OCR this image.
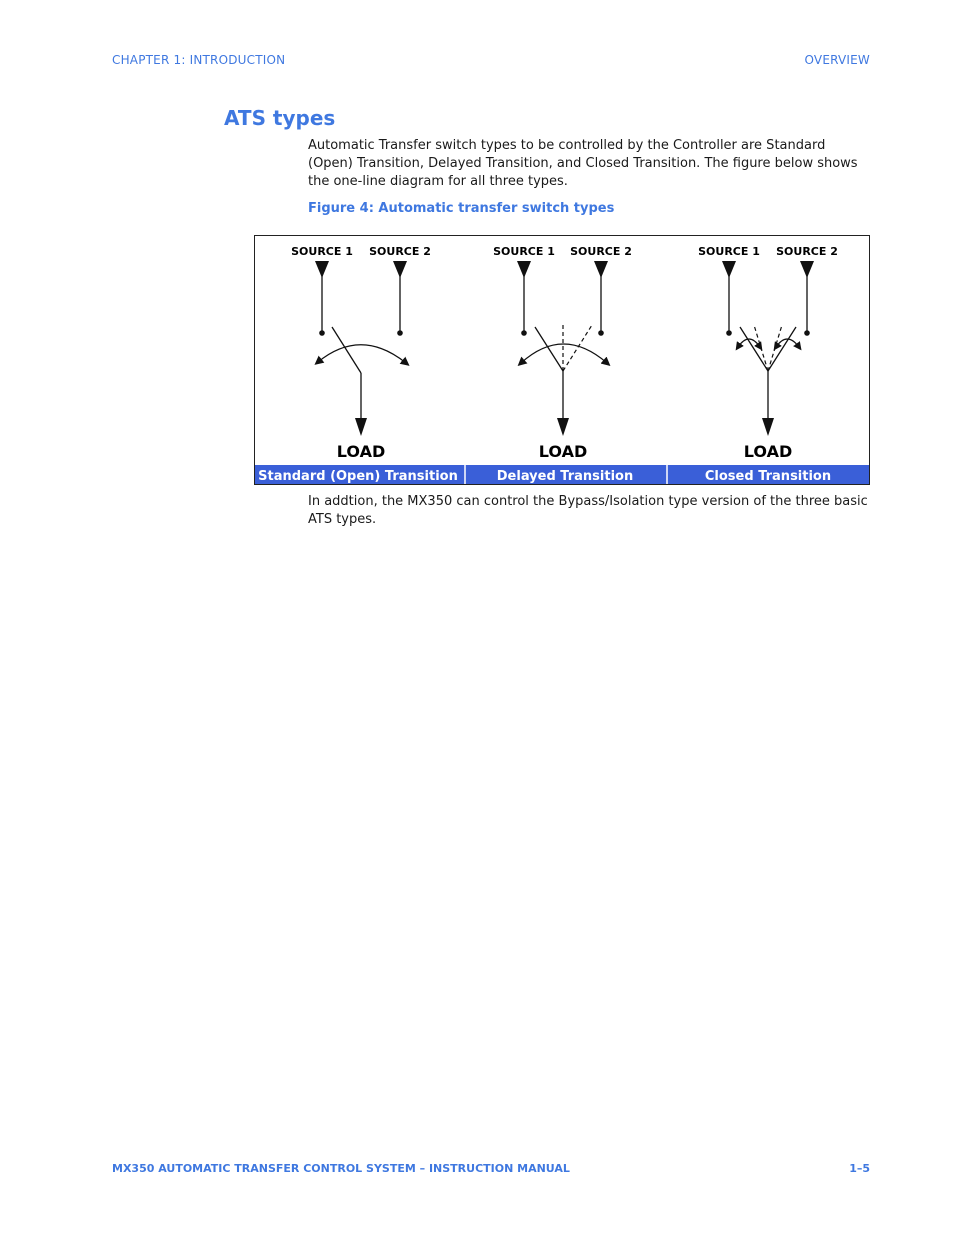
CHAPTER 1: INTRODUCTION	OVERVIEW
ATS types
Automatic Transfer switch types to be controlled by the Controller are Standard (Open) Transition, Delayed Transition, and Closed Transition. The figure below shows the one-line diagram for all three types.
Figure 4: Automatic transfer switch types
SOURCE 1 SOURCE 2
LOAD
SOURCE 1 SOURCE 2
LOAD
SOURCE 1 SOURCE 2
LOAD
Standard (Open) Transition	Delayed Transition	Closed Transition
In addtion, the MX350 can control the Bypass/Isolation type version of the three basic ATS types.
MX350 AUTOMATIC TRANSFER CONTROL SYSTEM – INSTRUCTION MANUAL	1–5
